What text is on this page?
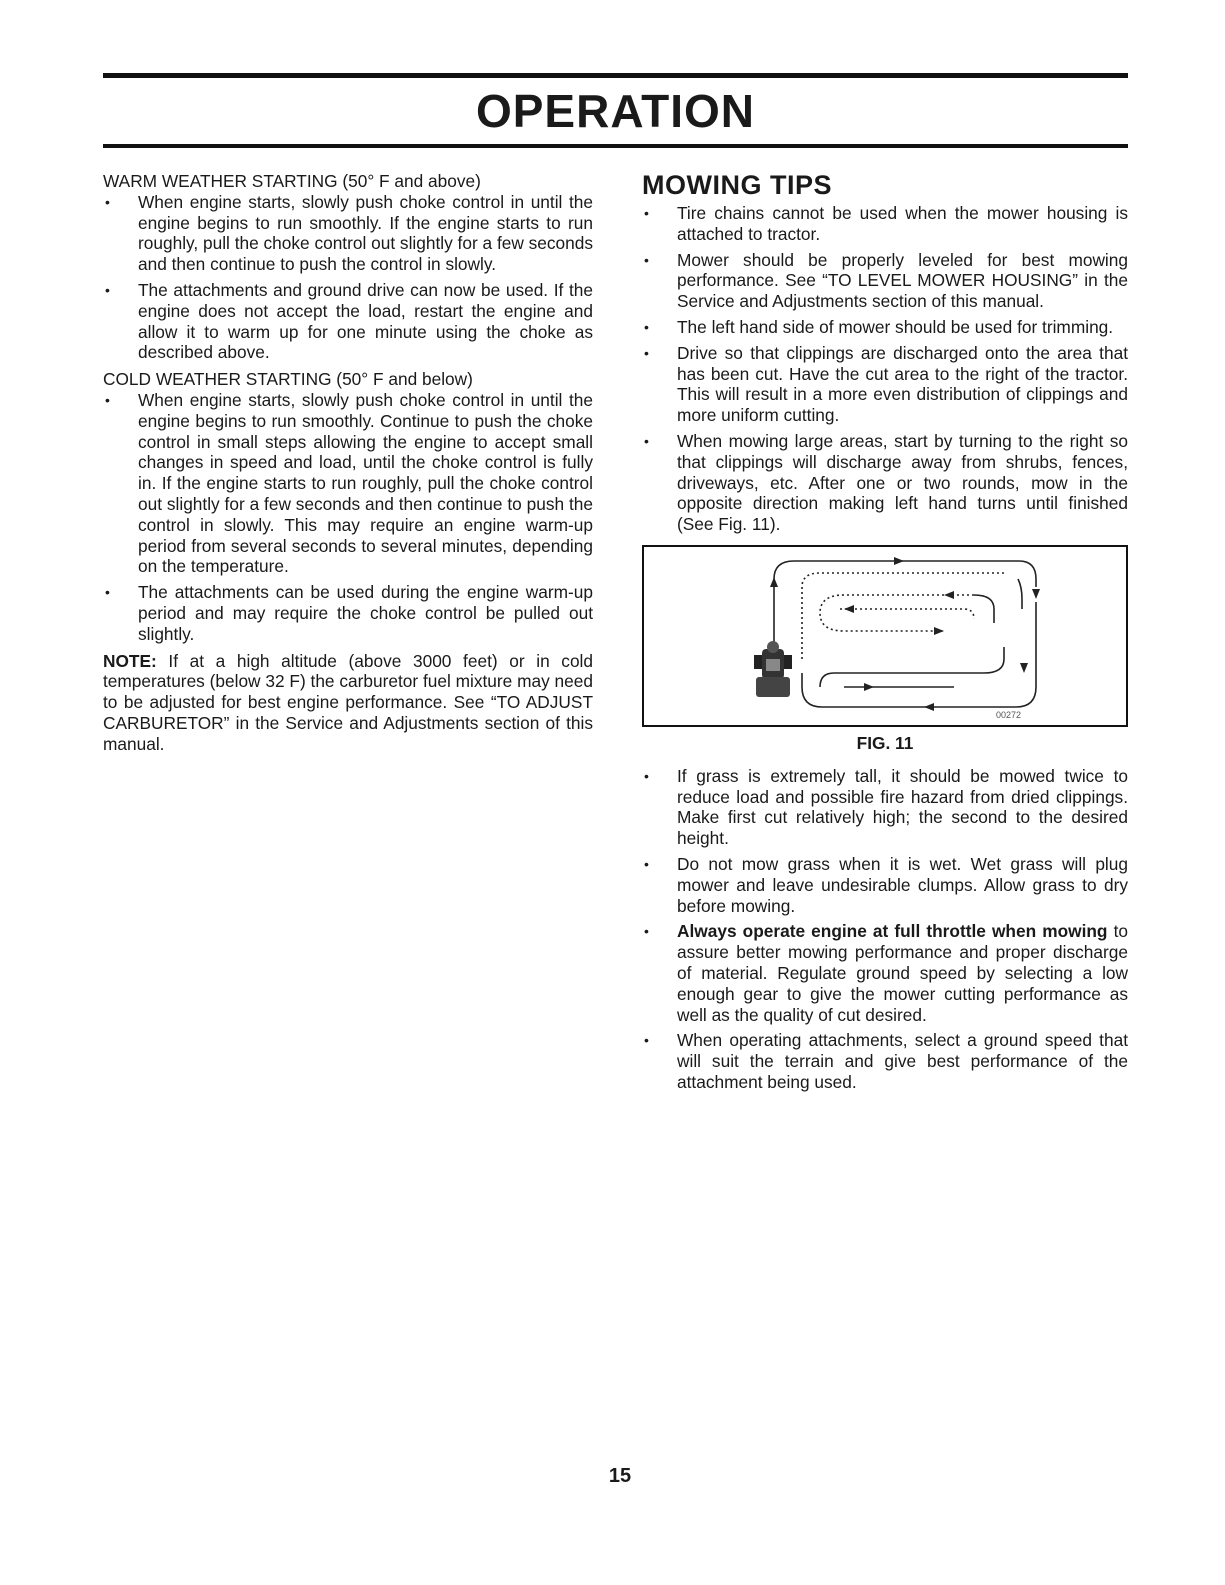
OPERATION

WARM WEATHER STARTING (50° F and above)

• When engine starts, slowly push choke control in until the engine begins to run smoothly. If the engine starts to run roughly, pull the choke control out slightly for a few seconds and then continue to push the control in slowly.
• The attachments and ground drive can now be used. If the engine does not accept the load, restart the engine and allow it to warm up for one minute using the choke as described above.

COLD WEATHER STARTING (50° F and below)

• When engine starts, slowly push choke control in until the engine begins to run smoothly. Continue to push the choke control in small steps allowing the engine to accept small changes in speed and load, until the choke control is fully in. If the engine starts to run roughly, pull the choke control out slightly for a few seconds and then continue to push the control in slowly. This may require an engine warm-up period from several seconds to several minutes, depending on the temperature.
• The attachments can be used during the engine warm-up period and may require the choke control be pulled out slightly.

NOTE: If at a high altitude (above 3000 feet) or in cold temperatures (below 32 F) the carburetor fuel mixture may need to be adjusted for best engine performance. See “TO ADJUST CARBURETOR” in the Service and Adjustments section of this manual.

MOWING TIPS
• Tire chains cannot be used when the mower housing is attached to tractor.
• Mower should be properly leveled for best mowing performance. See “TO LEVEL MOWER HOUSING” in the Service and Adjustments section of this manual.
• The left hand side of mower should be used for trimming.
• Drive so that clippings are discharged onto the area that has been cut. Have the cut area to the right of the tractor. This will result in a more even distribution of clippings and more uniform cutting.
• When mowing large areas, start by turning to the right so that clippings will discharge away from shrubs, fences, driveways, etc. After one or two rounds, mow in the opposite direction making left hand turns until finished (See Fig. 11).
00272

FIG. 11

• If grass is extremely tall, it should be mowed twice to reduce load and possible fire hazard from dried clippings. Make first cut relatively high; the second to the desired height.
• Do not mow grass when it is wet. Wet grass will plug mower and leave undesirable clumps. Allow grass to dry before mowing.
• Always operate engine at full throttle when mowing to assure better mowing performance and proper discharge of material. Regulate ground speed by selecting a low enough gear to give the mower cutting performance as well as the quality of cut desired.
• When operating attachments, select a ground speed that will suit the terrain and give best performance of the attachment being used.
15
